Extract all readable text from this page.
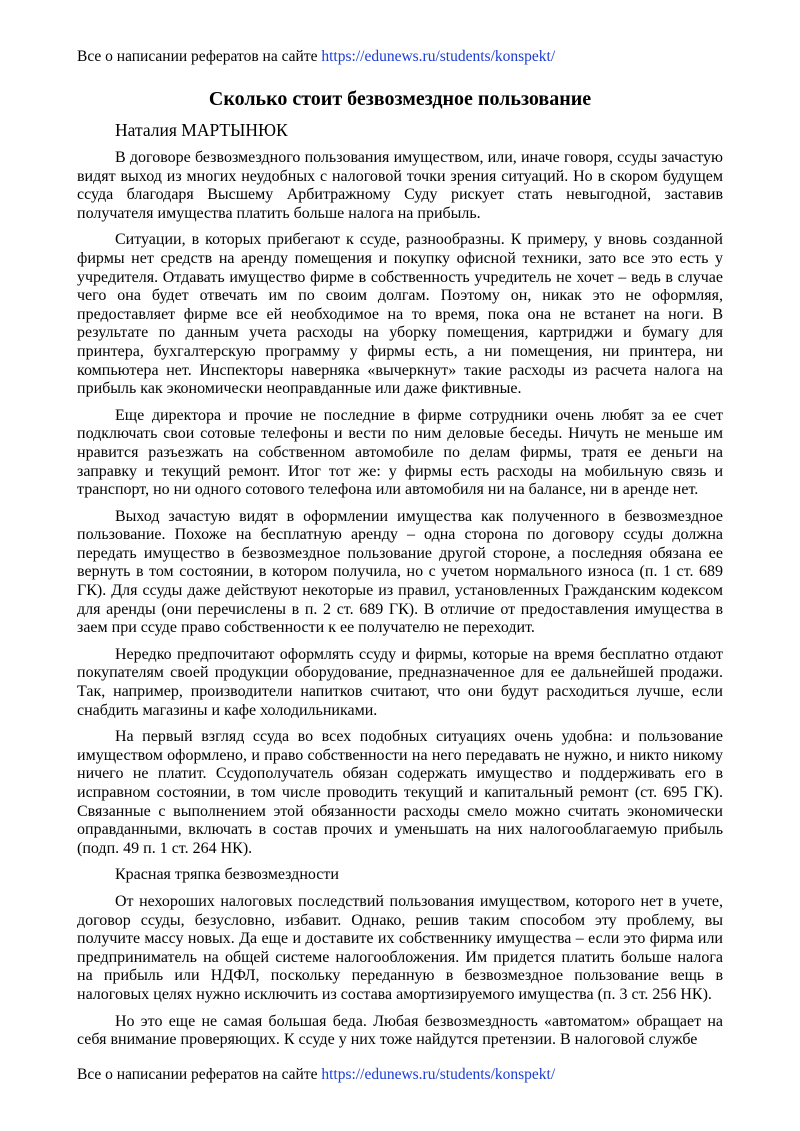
Все о написании рефератов на сайте https://edunews.ru/students/konspekt/
Сколько стоит безвозмездное пользование
Наталия МАРТЫНЮК

В договоре безвозмездного пользования имуществом, или, иначе говоря, ссуды зачастую видят выход из многих неудобных с налоговой точки зрения ситуаций. Но в скором будущем ссуда благодаря Высшему Арбитражному Суду рискует стать невыгодной, заставив получателя имущества платить больше налога на прибыль.

Ситуации, в которых прибегают к ссуде, разнообразны. К примеру, у вновь созданной фирмы нет средств на аренду помещения и покупку офисной техники, зато все это есть у учредителя. Отдавать имущество фирме в собственность учредитель не хочет – ведь в случае чего она будет отвечать им по своим долгам. Поэтому он, никак это не оформляя, предоставляет фирме все ей необходимое на то время, пока она не встанет на ноги. В результате по данным учета расходы на уборку помещения, картриджи и бумагу для принтера, бухгалтерскую программу у фирмы есть, а ни помещения, ни принтера, ни компьютера нет. Инспекторы наверняка «вычеркнут» такие расходы из расчета налога на прибыль как экономически неоправданные или даже фиктивные.

Еще директора и прочие не последние в фирме сотрудники очень любят за ее счет подключать свои сотовые телефоны и вести по ним деловые беседы. Ничуть не меньше им нравится разъезжать на собственном автомобиле по делам фирмы, тратя ее деньги на заправку и текущий ремонт. Итог тот же: у фирмы есть расходы на мобильную связь и транспорт, но ни одного сотового телефона или автомобиля ни на балансе, ни в аренде нет.

Выход зачастую видят в оформлении имущества как полученного в безвозмездное пользование. Похоже на бесплатную аренду – одна сторона по договору ссуды должна передать имущество в безвозмездное пользование другой стороне, а последняя обязана ее вернуть в том состоянии, в котором получила, но с учетом нормального износа (п. 1 ст. 689 ГК). Для ссуды даже действуют некоторые из правил, установленных Гражданским кодексом для аренды (они перечислены в п. 2 ст. 689 ГК). В отличие от предоставления имущества в заем при ссуде право собственности к ее получателю не переходит.

Нередко предпочитают оформлять ссуду и фирмы, которые на время бесплатно отдают покупателям своей продукции оборудование, предназначенное для ее дальнейшей продажи. Так, например, производители напитков считают, что они будут расходиться лучше, если снабдить магазины и кафе холодильниками.

На первый взгляд ссуда во всех подобных ситуациях очень удобна: и пользование имуществом оформлено, и право собственности на него передавать не нужно, и никто никому ничего не платит. Ссудополучатель обязан содержать имущество и поддерживать его в исправном состоянии, в том числе проводить текущий и капитальный ремонт (ст. 695 ГК). Связанные с выполнением этой обязанности расходы смело можно считать экономически оправданными, включать в состав прочих и уменьшать на них налогооблагаемую прибыль (подп. 49 п. 1 ст. 264 НК).

Красная тряпка безвозмездности

От нехороших налоговых последствий пользования имуществом, которого нет в учете, договор ссуды, безусловно, избавит. Однако, решив таким способом эту проблему, вы получите массу новых. Да еще и доставите их собственнику имущества – если это фирма или предприниматель на общей системе налогообложения. Им придется платить больше налога на прибыль или НДФЛ, поскольку переданную в безвозмездное пользование вещь в налоговых целях нужно исключить из состава амортизируемого имущества (п. 3 ст. 256 НК).

Но это еще не самая большая беда. Любая безвозмездность «автоматом» обращает на себя внимание проверяющих. К ссуде у них тоже найдутся претензии. В налоговой службе

Все о написании рефератов на сайте https://edunews.ru/students/konspekt/
